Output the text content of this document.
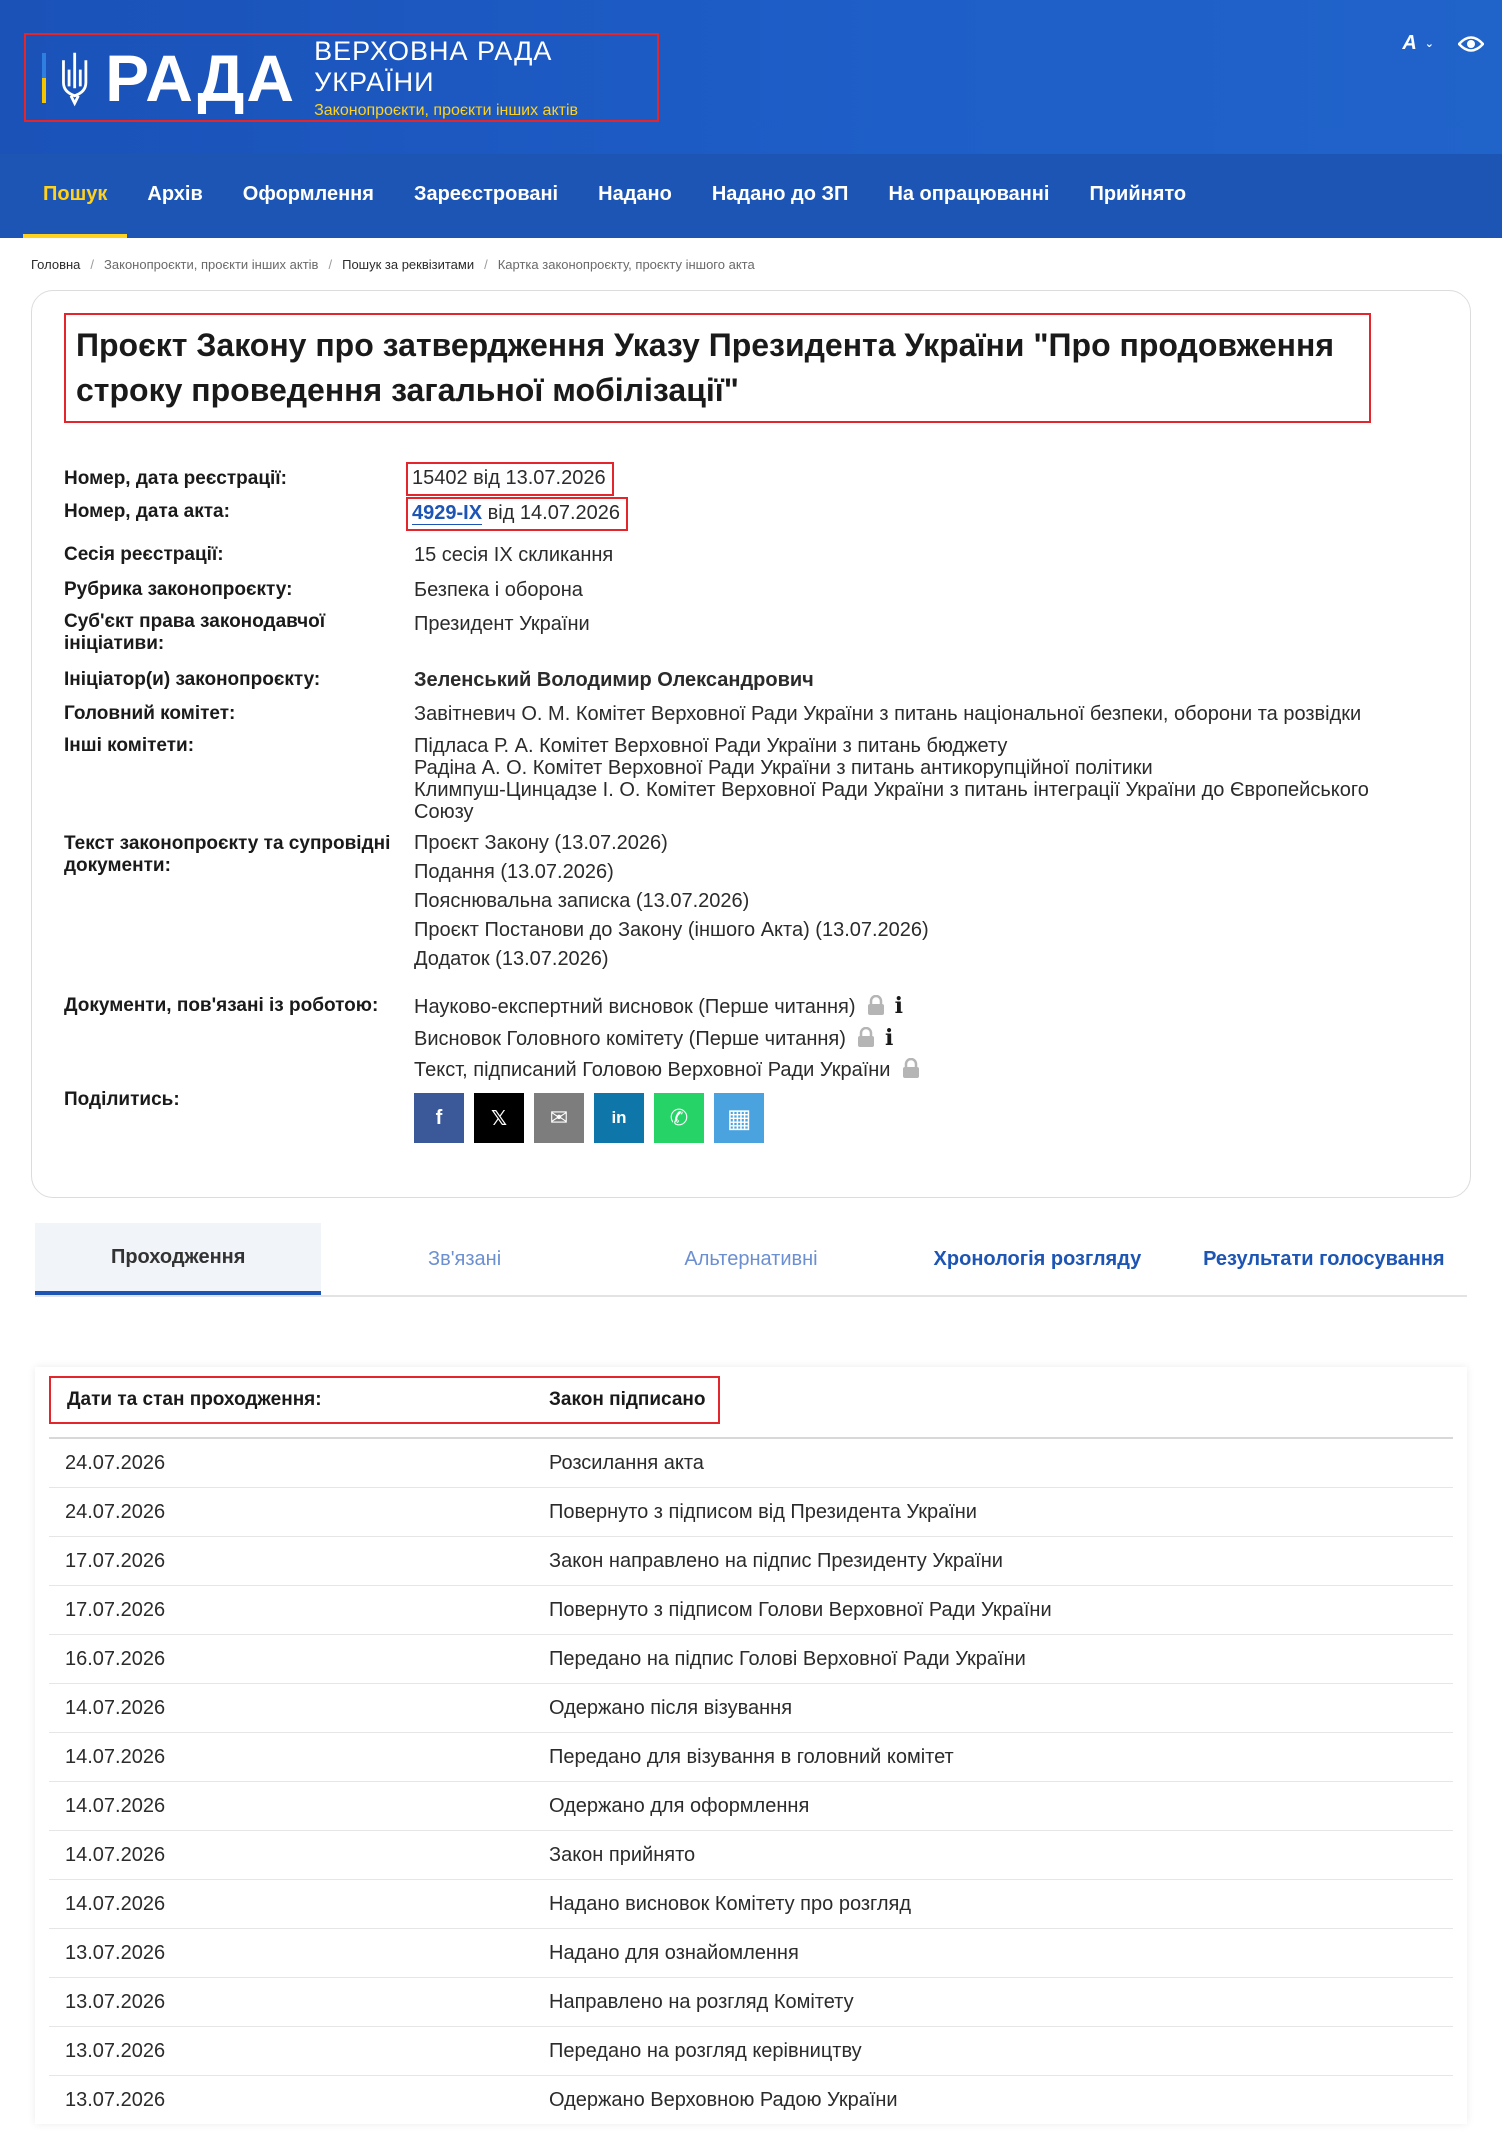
РАДА ВЕРХОВНА РАДА УКРАЇНИ
Законопроєкти, проєкти інших актів
A ⌄
Пошук	Архів	Оформлення	Зареєстровані	Надано	Надано до ЗП	На опрацюванні	Прийнято
Головна / Законопроєкти, проєкти інших актів / Пошук за реквізитами / Картка законопроєкту, проєкту іншого акта
Проєкт Закону про затвердження Указу Президента України "Про продовження строку проведення загальної мобілізації"
Номер, дата реєстрації:	15402 від 13.07.2026
Номер, дата акта:	4929-IX від 14.07.2026
Сесія реєстрації:	15 сесія IX скликання
Рубрика законопроєкту:	Безпека і оборона
Суб'єкт права законодавчої ініціативи:
Президент України
Ініціатор(и) законопроєкту:	Зеленський Володимир Олександрович
Головний комітет:	Завітневич О. М. Комітет Верховної Ради України з питань національної безпеки, оборони та розвідки
Інші комітети:	Підласа Р. А. Комітет Верховної Ради України з питань бюджету
Радіна А. О. Комітет Верховної Ради України з питань антикорупційної політики
Климпуш-Цинцадзе І. О. Комітет Верховної Ради України з питань інтеграції України до Європейського Союзу
Текст законопроєкту та супровідні документи:
Проєкт Закону (13.07.2026)
Подання (13.07.2026)
Пояснювальна записка (13.07.2026)
Проєкт Постанови до Закону (іншого Акта) (13.07.2026)
Додаток (13.07.2026)
Документи, пов'язані із роботою:	Науково-експертний висновок (Перше читання) i
Висновок Головного комітету (Перше читання) i
Текст, підписаний Головою Верховної Ради України
Поділитись:
f 𝕏 ✉	in ✆ ▦
Проходження	Зв'язані	Альтернативні	Хронологія розгляду	Результати голосування
Дати та стан проходження:	Закон підписано
24.07.2026	Розсилання акта
24.07.2026	Повернуто з підписом від Президента України
17.07.2026	Закон направлено на підпис Президенту України
17.07.2026	Повернуто з підписом Голови Верховної Ради України
16.07.2026	Передано на підпис Голові Верховної Ради України
14.07.2026	Одержано після візування
14.07.2026	Передано для візування в головний комітет
14.07.2026	Одержано для оформлення
14.07.2026	Закон прийнято
14.07.2026	Надано висновок Комітету про розгляд
13.07.2026	Надано для ознайомлення
13.07.2026	Направлено на розгляд Комітету
13.07.2026	Передано на розгляд керівництву
13.07.2026	Одержано Верховною Радою України
